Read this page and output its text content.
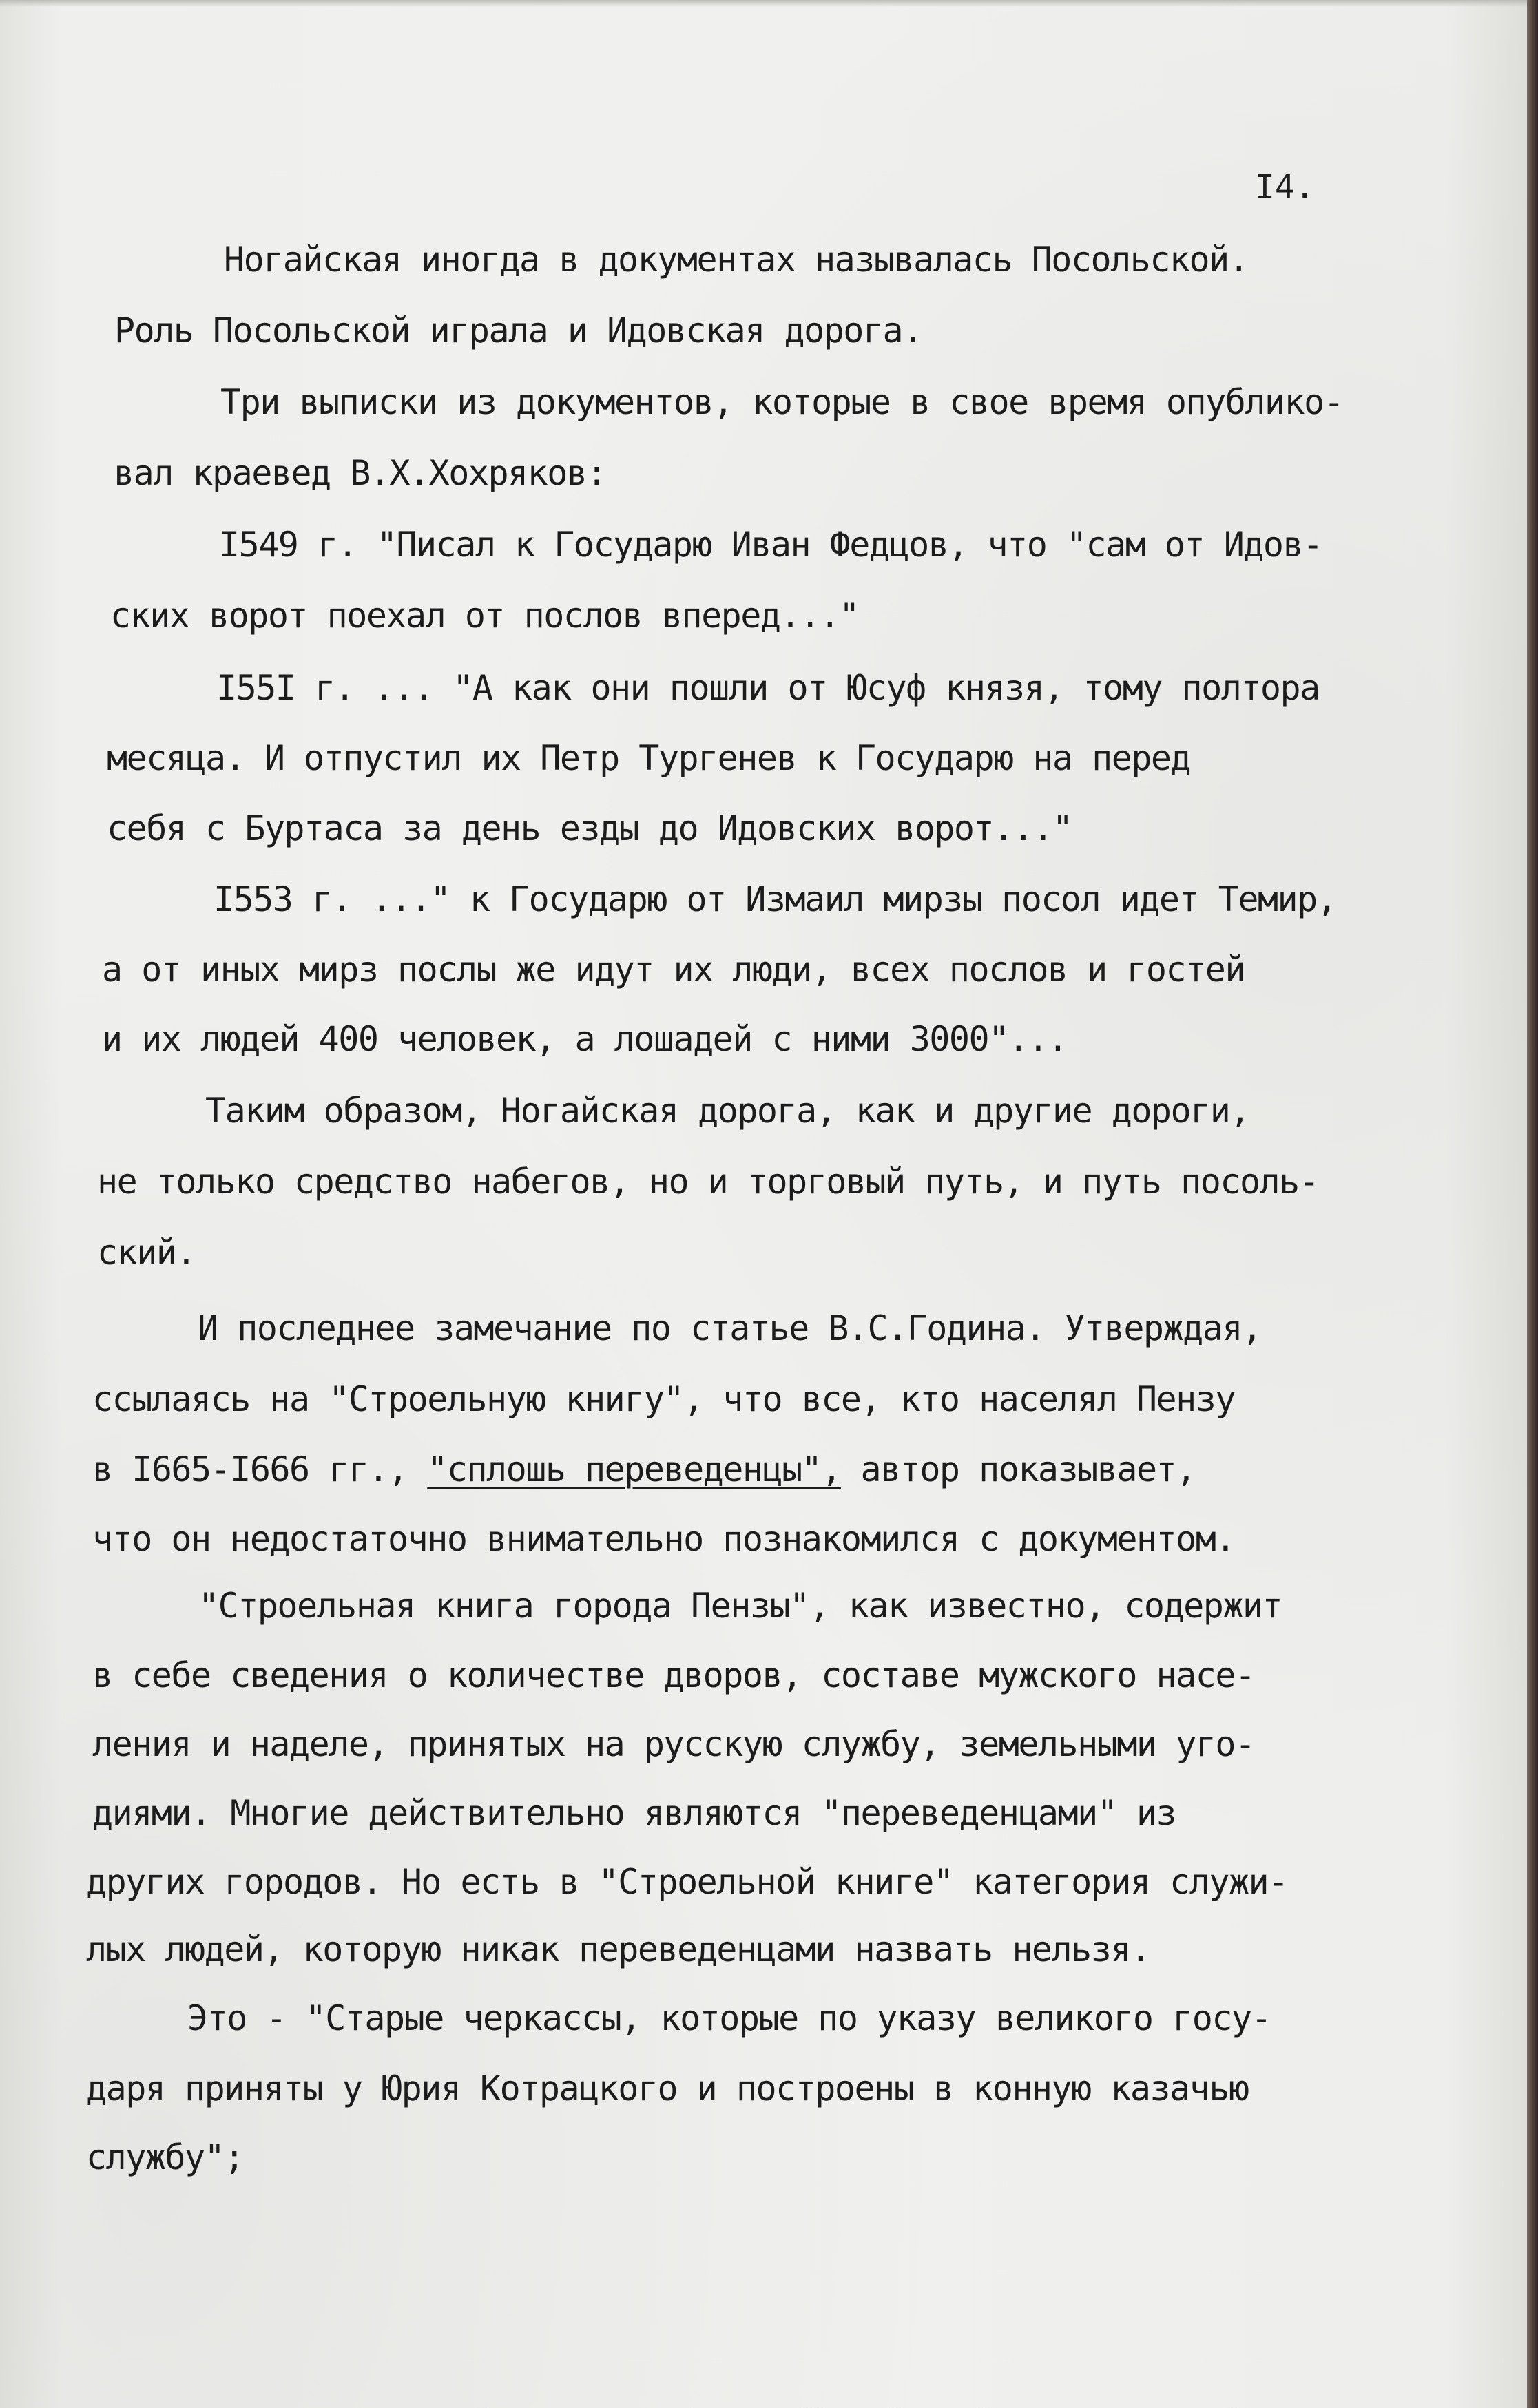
I4.
Ногайская иногда в документах называлась Посольской.
Роль Посольской играла и Идовская дорога.
Три выписки из документов, которые в свое время опублико-
вал краевед В.Х.Хохряков:
I549 г. "Писал к Государю Иван Федцов, что "сам от Идов-
ских ворот поехал от послов вперед..."
I55I г. ... "А как они пошли от Юсуф князя, тому полтора
месяца. И отпустил их Петр Тургенев к Государю на перед
себя с Буртаса за день езды до Идовских ворот..."
I553 г. ..." к Государю от Измаил мирзы посол идет Темир,
а от иных мирз послы же идут их люди, всех послов и гостей
и их людей 400 человек, а лошадей с ними 3000"...
Таким образом, Ногайская дорога, как и другие дороги,
не только средство набегов, но и торговый путь, и путь посоль-
ский.
И последнее замечание по статье В.С.Година. Утверждая,
ссылаясь на "Строельную книгу", что все, кто населял Пензу
в I665-I666 гг., "сплошь переведенцы", автор показывает,
что он недостаточно внимательно познакомился с документом.
"Строельная книга города Пензы", как известно, содержит
в себе сведения о количестве дворов, составе мужского насе-
ления и наделе, принятых на русскую службу, земельными уго-
диями. Многие действительно являются "переведенцами" из
других городов. Но есть в "Строельной книге" категория служи-
лых людей, которую никак переведенцами назвать нельзя.
Это - "Старые черкассы, которые по указу великого госу-
даря приняты у Юрия Котрацкого и построены в конную казачью
службу";
